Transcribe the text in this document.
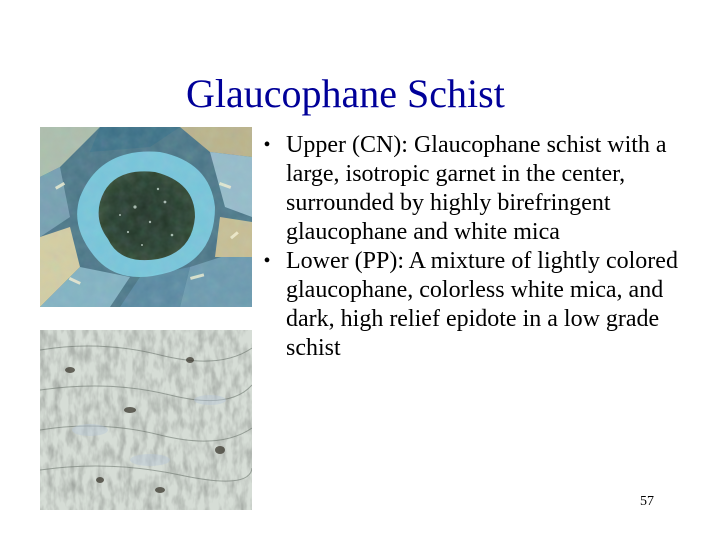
Glaucophane Schist
• Upper (CN): Glaucophane schist with a large, isotropic garnet in the center, surrounded by highly birefringent glaucophane and white mica
• Lower (PP): A mixture of lightly colored glaucophane, colorless white mica, and dark, high relief epidote in a low grade schist
57
